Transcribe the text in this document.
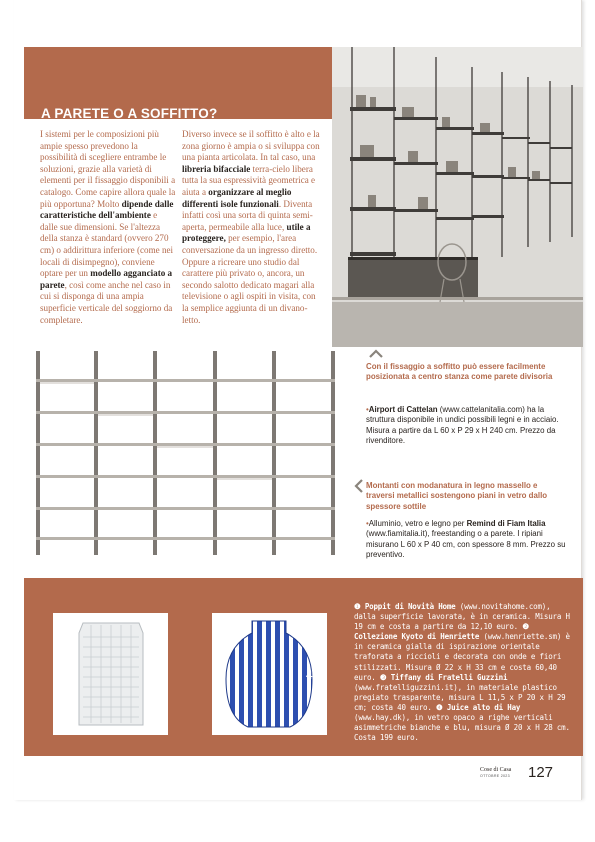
A PARETE O A SOFFITTO?
I sistemi per le composizioni più ampie spesso prevedono la possibilità di scegliere entrambe le soluzioni, grazie alla varietà di elementi per il fissaggio disponibili a catalogo. Come capire allora quale la più opportuna? Molto dipende dalle caratteristiche dell'ambiente e dalle sue dimensioni. Se l'altezza della stanza è standard (ovvero 270 cm) o addirittura inferiore (come nei locali di disimpegno), conviene optare per un modello agganciato a parete, così come anche nel caso in cui si disponga di una ampia superficie verticale del soggiorno da completare.
Diverso invece se il soffitto è alto e la zona giorno è ampia o si sviluppa con una pianta articolata. In tal caso, una libreria bifacciale terra-cielo libera tutta la sua espressività geometrica e aiuta a organizzare al meglio differenti isole funzionali. Diventa infatti così una sorta di quinta semi-aperta, permeabile alla luce, utile a proteggere, per esempio, l'area conversazione da un ingresso diretto. Oppure a ricreare uno studio dal carattere più privato o, ancora, un secondo salotto dedicato magari alla televisione o agli ospiti in visita, con la semplice aggiunta di un divano-letto.
Con il fissaggio a soffitto può essere facilmente posizionata a centro stanza come parete divisoria
•Airport di Cattelan (www.cattelanitalia.com) ha la struttura disponibile in undici possibili legni e in acciaio. Misura a partire da L 60 x P 29 x H 240 cm. Prezzo da rivenditore.
Montanti con modanatura in legno massello e traversi metallici sostengono piani in vetro dallo spessore sottile
•Alluminio, vetro e legno per Remind di Fiam Italia (www.fiamitalia.it), freestanding o a parete. I ripiani misurano L 60 x P 40 cm, con spessore 8 mm. Prezzo su preventivo.
3	4
❶ Poppit di Novità Home (www.novitahome.com), dalla superficie lavorata, è in ceramica. Misura H 19 cm e costa a partire da 12,10 euro. ❷ Collezione Kyoto di Henriette (www.henriette.sm) è in ceramica gialla di ispirazione orientale traforata a riccioli e decorata con onde e fiori stilizzati. Misura Ø 22 x H 33 cm e costa 60,40 euro. ❸ Tiffany di Fratelli Guzzini (www.fratelliguzzini.it), in materiale plastico pregiato trasparente, misura L 11,5 x P 20 x H 29 cm; costa 40 euro. ❹ Juice alto di Hay (www.hay.dk), in vetro opaco a righe verticali asimmetriche bianche e blu, misura Ø 20 x H 28 cm. Costa 199 euro.
Cose di Casa
OTTOBRE 2023 127
